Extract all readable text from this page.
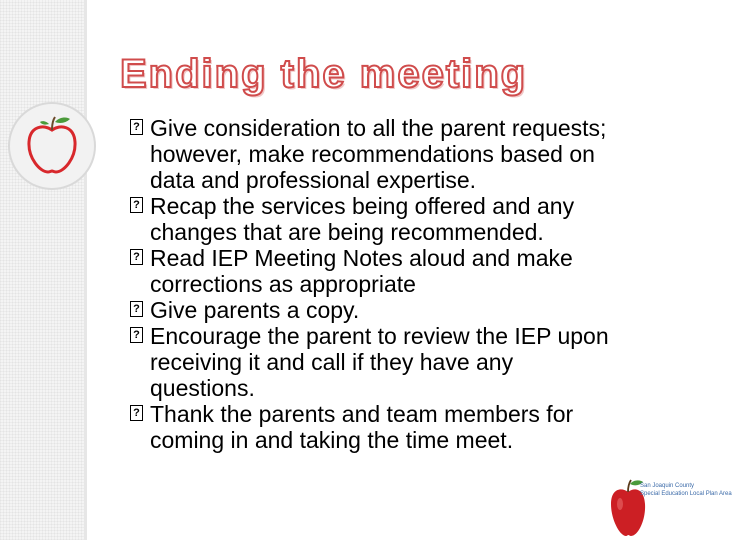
Ending the meeting
? Give consideration to all the parent requests;
however, make recommendations based on
data and professional expertise.
? Recap the services being offered and any
changes that are being recommended.
? Read IEP Meeting Notes aloud and make
corrections as appropriate
? Give parents a copy.
? Encourage the parent to review the IEP upon
receiving it and call if they have any
questions.
? Thank the parents and team members for
coming in and taking the time meet.
San Joaquin County
Special Education Local Plan Area
